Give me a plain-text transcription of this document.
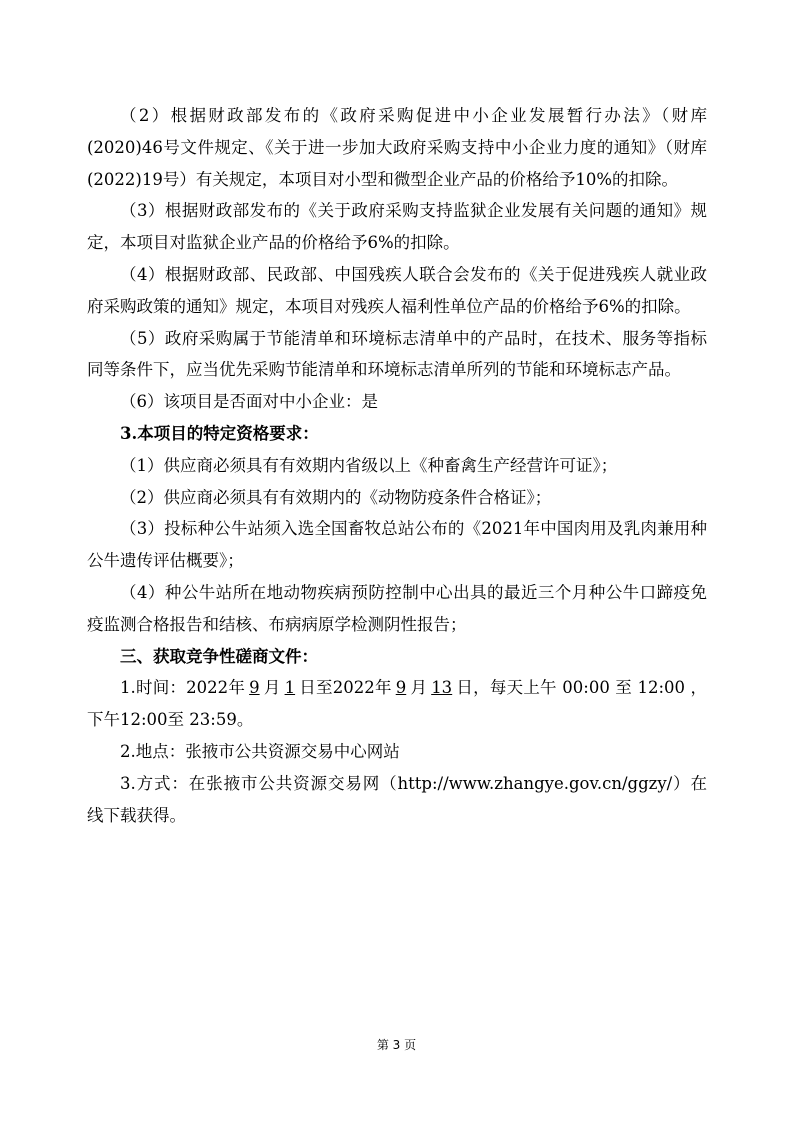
（2）根据财政部发布的《政府采购促进中小企业发展暂行办法》（财库(2020)46号文件规定、《关于进一步加大政府采购支持中小企业力度的通知》（财库(2022)19号）有关规定，本项目对小型和微型企业产品的价格给予10%的扣除。

（3）根据财政部发布的《关于政府采购支持监狱企业发展有关问题的通知》规定，本项目对监狱企业产品的价格给予6%的扣除。

（4）根据财政部、民政部、中国残疾人联合会发布的《关于促进残疾人就业政府采购政策的通知》规定，本项目对残疾人福利性单位产品的价格给予6%的扣除。

（5）政府采购属于节能清单和环境标志清单中的产品时，在技术、服务等指标同等条件下，应当优先采购节能清单和环境标志清单所列的节能和环境标志产品。

（6）该项目是否面对中小企业：是

3.本项目的特定资格要求：

（1）供应商必须具有有效期内省级以上《种畜禽生产经营许可证》；

（2）供应商必须具有有效期内的《动物防疫条件合格证》；

（3）投标种公牛站须入选全国畜牧总站公布的《2021年中国肉用及乳肉兼用种公牛遗传评估概要》；

（4）种公牛站所在地动物疾病预防控制中心出具的最近三个月种公牛口蹄疫免疫监测合格报告和结核、布病病原学检测阴性报告；

三、获取竞争性磋商文件：

1.时间：2022年 9 月 1 日至2022年 9 月 13 日，每天上午 00:00 至 12:00 ，下午12:00至 23:59。

2.地点：张掖市公共资源交易中心网站

3.方式：在张掖市公共资源交易网（http://www.zhangye.gov.cn/ggzy/）在线下载获得。

第 3 页
